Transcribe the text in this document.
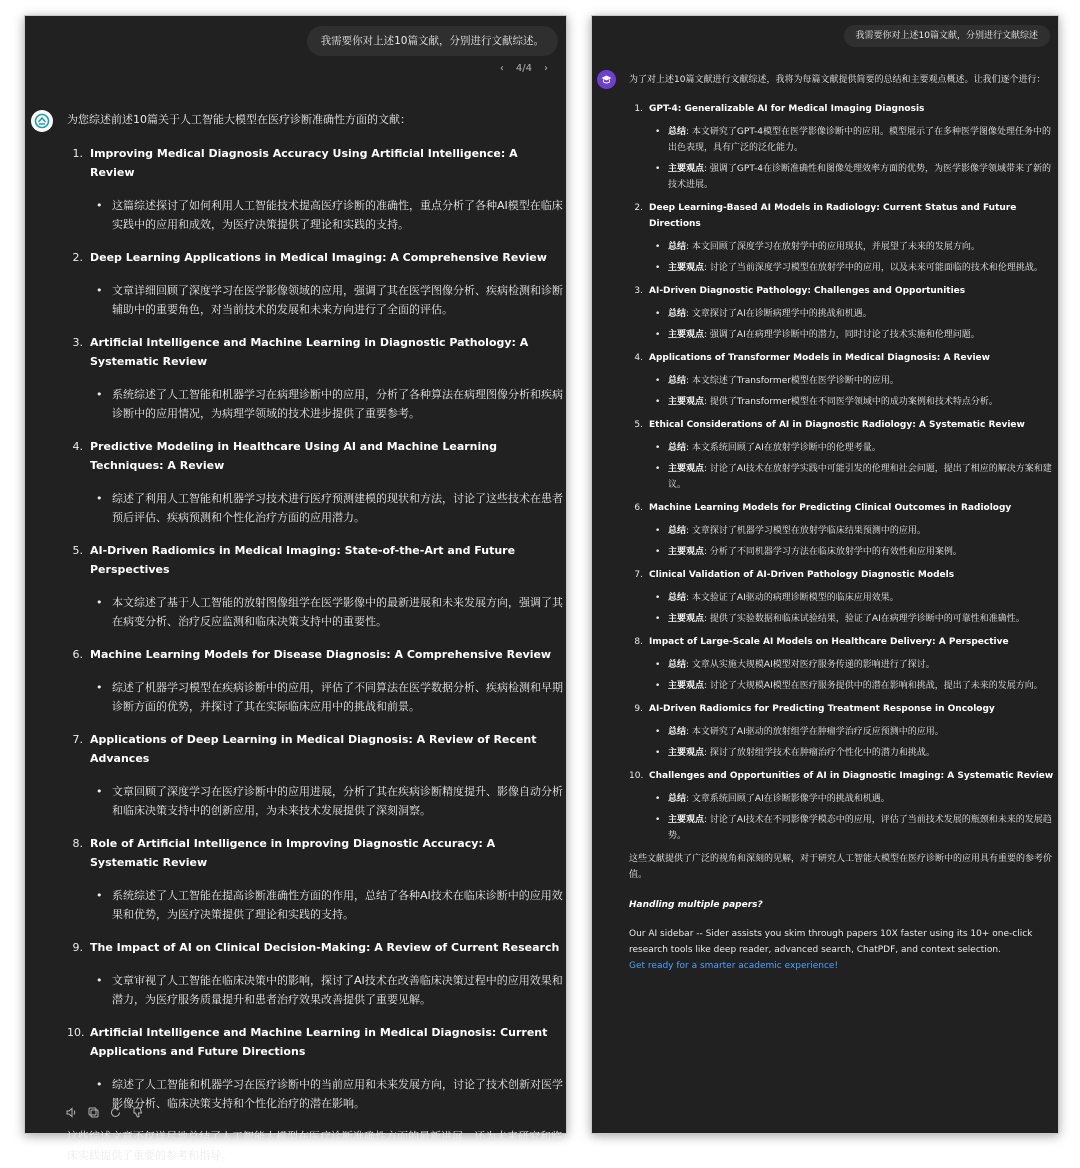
我需要你对上述10篇文献，分别进行文献综述。
‹ 4/4 ›

为您综述前述10篇关于人工智能大模型在医疗诊断准确性方面的文献：

1. Improving Medical Diagnosis Accuracy Using Artificial Intelligence: A Review
• 这篇综述探讨了如何利用人工智能技术提高医疗诊断的准确性，重点分析了各种AI模型在临床实践中的应用和成效，为医疗决策提供了理论和实践的支持。
2. Deep Learning Applications in Medical Imaging: A Comprehensive Review
• 文章详细回顾了深度学习在医学影像领域的应用，强调了其在医学图像分析、疾病检测和诊断辅助中的重要角色，对当前技术的发展和未来方向进行了全面的评估。
3. Artificial Intelligence and Machine Learning in Diagnostic Pathology: A Systematic Review
• 系统综述了人工智能和机器学习在病理诊断中的应用，分析了各种算法在病理图像分析和疾病诊断中的应用情况，为病理学领域的技术进步提供了重要参考。
4. Predictive Modeling in Healthcare Using AI and Machine Learning Techniques: A Review
• 综述了利用人工智能和机器学习技术进行医疗预测建模的现状和方法，讨论了这些技术在患者预后评估、疾病预测和个性化治疗方面的应用潜力。
5. AI-Driven Radiomics in Medical Imaging: State-of-the-Art and Future Perspectives
• 本文综述了基于人工智能的放射图像组学在医学影像中的最新进展和未来发展方向，强调了其在病变分析、治疗反应监测和临床决策支持中的重要性。
6. Machine Learning Models for Disease Diagnosis: A Comprehensive Review
• 综述了机器学习模型在疾病诊断中的应用，评估了不同算法在医学数据分析、疾病检测和早期诊断方面的优势，并探讨了其在实际临床应用中的挑战和前景。
7. Applications of Deep Learning in Medical Diagnosis: A Review of Recent Advances
• 文章回顾了深度学习在医疗诊断中的应用进展，分析了其在疾病诊断精度提升、影像自动分析和临床决策支持中的创新应用，为未来技术发展提供了深刻洞察。
8. Role of Artificial Intelligence in Improving Diagnostic Accuracy: A Systematic Review
• 系统综述了人工智能在提高诊断准确性方面的作用，总结了各种AI技术在临床诊断中的应用效果和优势，为医疗决策提供了理论和实践的支持。
9. The Impact of AI on Clinical Decision-Making: A Review of Current Research
• 文章审视了人工智能在临床决策中的影响，探讨了AI技术在改善临床决策过程中的应用效果和潜力，为医疗服务质量提升和患者治疗效果改善提供了重要见解。
10. Artificial Intelligence and Machine Learning in Medical Diagnosis: Current Applications and Future Directions
• 综述了人工智能和机器学习在医疗诊断中的当前应用和未来发展方向，讨论了技术创新对医学影像分析、临床决策支持和个性化治疗的潜在影响。

这些综述文章不仅详尽地总结了人工智能大模型在医疗诊断准确性方面的最新进展，还为未来研究和临床实践提供了重要的参考和指导。

我需要你对上述10篇文献，分别进行文献综述

为了对上述10篇文献进行文献综述，我将为每篇文献提供简要的总结和主要观点概述。让我们逐个进行：

1. GPT-4: Generalizable AI for Medical Imaging Diagnosis
• 总结: 本文研究了GPT-4模型在医学影像诊断中的应用。模型展示了在多种医学图像处理任务中的出色表现，具有广泛的泛化能力。
• 主要观点: 强调了GPT-4在诊断准确性和图像处理效率方面的优势，为医学影像学领域带来了新的技术进展。
2. Deep Learning-Based AI Models in Radiology: Current Status and Future Directions
• 总结: 本文回顾了深度学习在放射学中的应用现状，并展望了未来的发展方向。
• 主要观点: 讨论了当前深度学习模型在放射学中的应用，以及未来可能面临的技术和伦理挑战。
3. AI-Driven Diagnostic Pathology: Challenges and Opportunities
• 总结: 文章探讨了AI在诊断病理学中的挑战和机遇。
• 主要观点: 强调了AI在病理学诊断中的潜力，同时讨论了技术实施和伦理问题。
4. Applications of Transformer Models in Medical Diagnosis: A Review
• 总结: 本文综述了Transformer模型在医学诊断中的应用。
• 主要观点: 提供了Transformer模型在不同医学领域中的成功案例和技术特点分析。
5. Ethical Considerations of AI in Diagnostic Radiology: A Systematic Review
• 总结: 本文系统回顾了AI在放射学诊断中的伦理考量。
• 主要观点: 讨论了AI技术在放射学实践中可能引发的伦理和社会问题，提出了相应的解决方案和建议。
6. Machine Learning Models for Predicting Clinical Outcomes in Radiology
• 总结: 文章探讨了机器学习模型在放射学临床结果预测中的应用。
• 主要观点: 分析了不同机器学习方法在临床放射学中的有效性和应用案例。
7. Clinical Validation of AI-Driven Pathology Diagnostic Models
• 总结: 本文验证了AI驱动的病理诊断模型的临床应用效果。
• 主要观点: 提供了实验数据和临床试验结果，验证了AI在病理学诊断中的可靠性和准确性。
8. Impact of Large-Scale AI Models on Healthcare Delivery: A Perspective
• 总结: 文章从实施大规模AI模型对医疗服务传递的影响进行了探讨。
• 主要观点: 讨论了大规模AI模型在医疗服务提供中的潜在影响和挑战，提出了未来的发展方向。
9. AI-Driven Radiomics for Predicting Treatment Response in Oncology
• 总结: 本文研究了AI驱动的放射组学在肿瘤学治疗反应预测中的应用。
• 主要观点: 探讨了放射组学技术在肿瘤治疗个性化中的潜力和挑战。
10. Challenges and Opportunities of AI in Diagnostic Imaging: A Systematic Review
• 总结: 文章系统回顾了AI在诊断影像学中的挑战和机遇。
• 主要观点: 讨论了AI技术在不同影像学模态中的应用，评估了当前技术发展的瓶颈和未来的发展趋势。

这些文献提供了广泛的视角和深刻的见解，对于研究人工智能大模型在医疗诊断中的应用具有重要的参考价值。

Handling multiple papers?

Our AI sidebar -- Sider assists you skim through papers 10X faster using its 10+ one-click research tools like deep reader, advanced search, ChatPDF, and context selection.
Get ready for a smarter academic experience!
